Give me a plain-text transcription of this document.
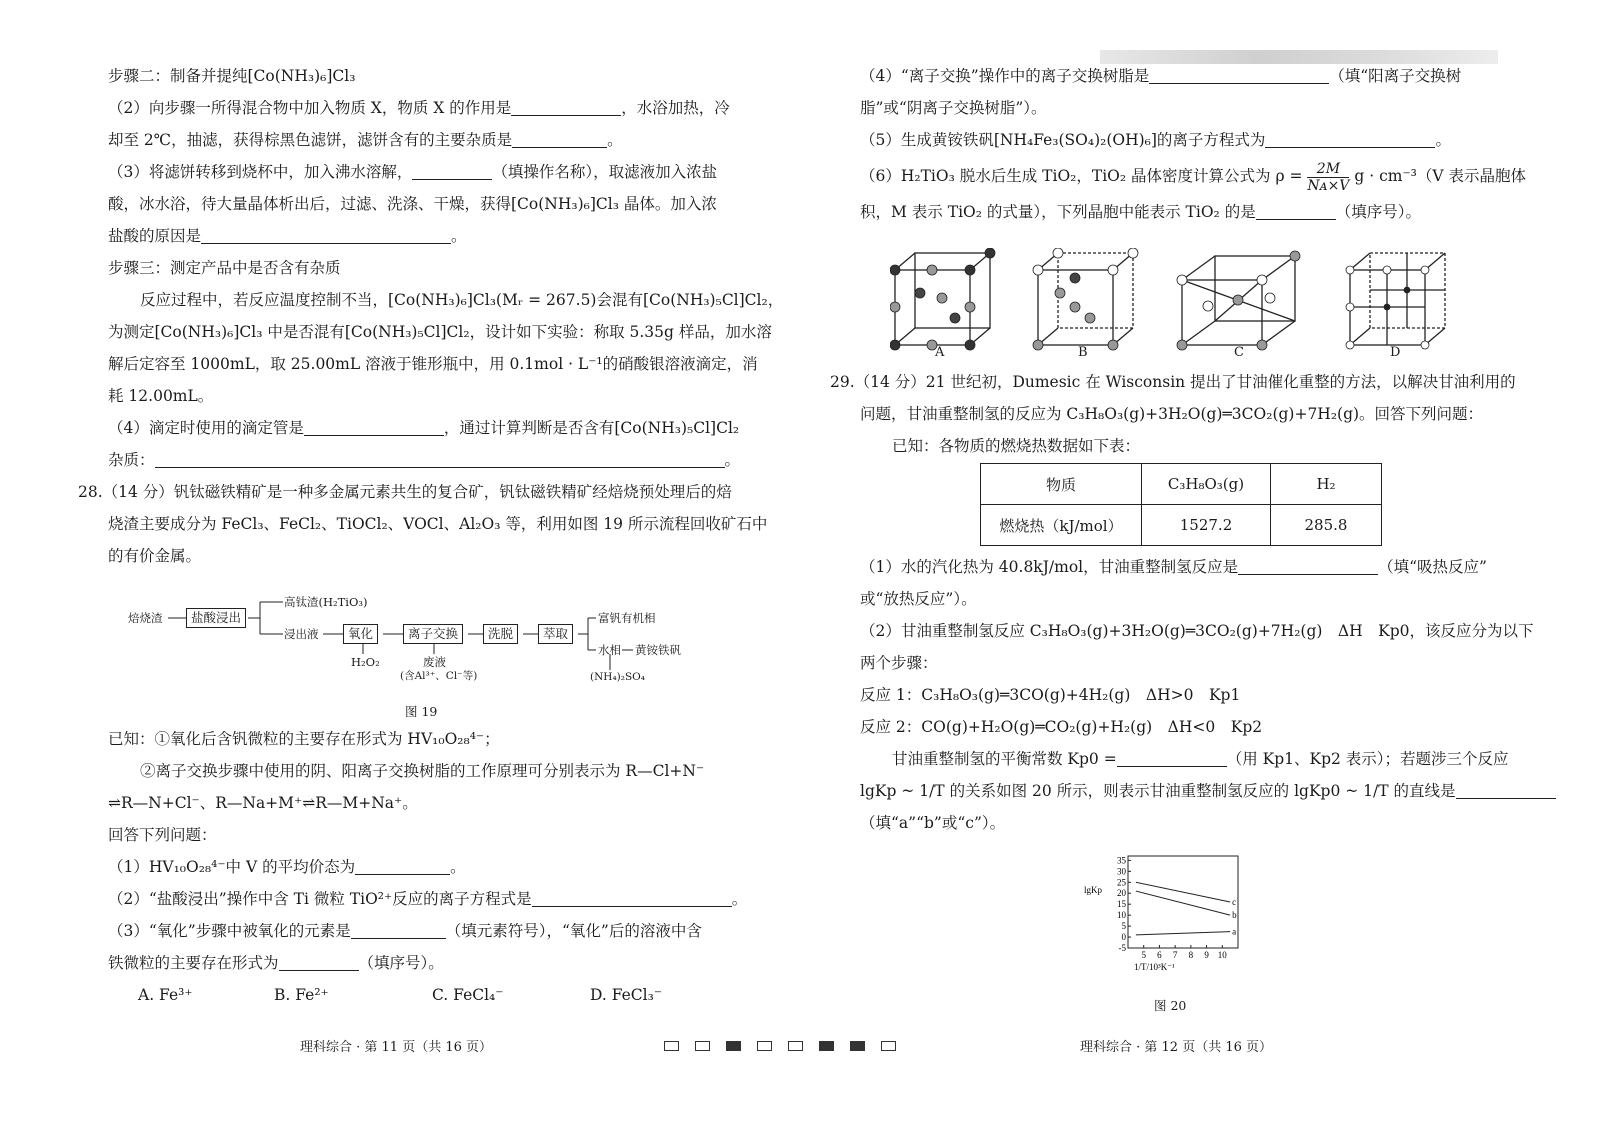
步骤二：制备并提纯[Co(NH₃)₆]Cl₃
（2）向步骤一所得混合物中加入物质 X，物质 X 的作用是	，水浴加热，冷
却至 2℃，抽滤，获得棕黑色滤饼，滤饼含有的主要杂质是	。
（3）将滤饼转移到烧杯中，加入沸水溶解，	（填操作名称），取滤液加入浓盐
酸，冰水浴，待大量晶体析出后，过滤、洗涤、干燥，获得[Co(NH₃)₆]Cl₃ 晶体。加入浓
盐酸的原因是	。
步骤三：测定产品中是否含有杂质
反应过程中，若反应温度控制不当，[Co(NH₃)₆]Cl₃(Mᵣ = 267.5)会混有[Co(NH₃)₅Cl]Cl₂，
为测定[Co(NH₃)₆]Cl₃ 中是否混有[Co(NH₃)₅Cl]Cl₂，设计如下实验：称取 5.35g 样品，加水溶
解后定容至 1000mL，取 25.00mL 溶液于锥形瓶中，用 0.1mol · L⁻¹的硝酸银溶液滴定，消
耗 12.00mL。
（4）滴定时使用的滴定管是	，通过计算判断是否含有[Co(NH₃)₅Cl]Cl₂
杂质：	。
28.（14 分）钒钛磁铁精矿是一种多金属元素共生的复合矿，钒钛磁铁精矿经焙烧预处理后的焙
烧渣主要成分为 FeCl₃、FeCl₂、TiOCl₂、VOCl、Al₂O₃ 等，利用如图 19 所示流程回收矿石中
的有价金属。
焙烧渣	盐酸浸出
高钛渣(H₂TiO₃)
浸出液	氧化	离子交换	洗脱	萃取
富钒有机相
水相 黄铵铁矾
H₂O₂	废液
(含Al³⁺、Cl⁻等)	(NH₄)₂SO₄
图 19
已知：①氧化后含钒微粒的主要存在形式为 HV₁₀O₂₈⁴⁻；
②离子交换步骤中使用的阴、阳离子交换树脂的工作原理可分别表示为 R—Cl+N⁻
⇌R—N+Cl⁻、R—Na+M⁺⇌R—M+Na⁺。
回答下列问题：
（1）HV₁₀O₂₈⁴⁻中 V 的平均价态为	。
（2）“盐酸浸出”操作中含 Ti 微粒 TiO²⁺反应的离子方程式是	。
（3）“氧化”步骤中被氧化的元素是	（填元素符号），“氧化”后的溶液中含
铁微粒的主要存在形式为	（填序号）。
A. Fe³⁺	B. Fe²⁺	C. FeCl₄⁻	D. FeCl₃⁻
理科综合 · 第 11 页（共 16 页）
（4）“离子交换”操作中的离子交换树脂是	（填“阳离子交换树
脂”或“阴离子交换树脂”）。
（5）生成黄铵铁矾[NH₄Fe₃(SO₄)₂(OH)₆]的离子方程式为	。
（6）H₂TiO₃ 脱水后生成 TiO₂，TiO₂ 晶体密度计算公式为 $\rho = \frac{2M}{\text{Nᴀ×V}}$ g · cm⁻³（V 表示晶胞体
积，M 表示 TiO₂ 的式量），下列晶胞中能表示 TiO₂ 的是	（填序号）。
A	B	C	D
29.（14 分）21 世纪初，Dumesic 在 Wisconsin 提出了甘油催化重整的方法，以解决甘油利用的
问题，甘油重整制氢的反应为 C₃H₈O₃(g)+3H₂O(g)═3CO₂(g)+7H₂(g)。回答下列问题：
已知：各物质的燃烧热数据如下表：
物质	C₃H₈O₃(g)	H₂
燃烧热（kJ/mol）	1527.2	285.8
（1）水的汽化热为 40.8kJ/mol，甘油重整制氢反应是	（填“吸热反应”
或“放热反应”）。
（2）甘油重整制氢反应 C₃H₈O₃(g)+3H₂O(g)═3CO₂(g)+7H₂(g)　ΔH　Kp0，该反应分为以下
两个步骤：
反应 1：C₃H₈O₃(g)═3CO(g)+4H₂(g)　ΔH>0　Kp1
反应 2：CO(g)+H₂O(g)═CO₂(g)+H₂(g)　ΔH<0　Kp2
甘油重整制氢的平衡常数 Kp0 =	（用 Kp1、Kp2 表示）；若题涉三个反应
lgKp ~ 1/T 的关系如图 20 所示，则表示甘油重整制氢反应的 lgKp0 ~ 1/T 的直线是
（填“a”“b”或“c”）。
-5
0
5
10
15
20
25
30
35
5 6 7 8 9 10
lgKp
1/T/10³K⁻¹
c
b
a
图 20
理科综合 · 第 12 页（共 16 页）
